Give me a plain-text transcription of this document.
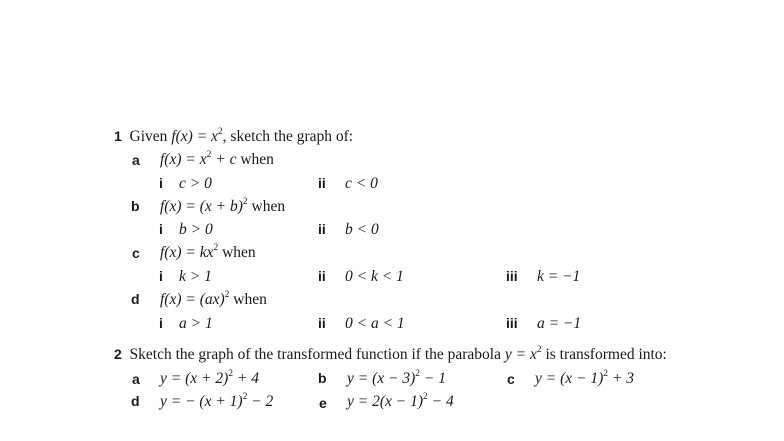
1 Given $f(x) = x^2$, sketch the graph of:
a $f(x) = x^2 + c$ when
i c > 0	ii c < 0
b $f(x) = (x + b)^2$ when
i b > 0	ii b < 0
c $f(x) = kx^2$ when
i k > 1	ii 0 < k < 1	iii k = −1
d f(x) = (ax)$^2$ when
i a > 1	ii 0 < a < 1	iii a = −1
2 Sketch the graph of the transformed function if the parabola $y = x^2$ is transformed into:
a $y = (x + 2)^2 + 4$	b $y = (x - 3)^2 - 1$	c $y = (x - 1)^2 + 3$
d y = − $(x + 1)^2 - 2$	e $y = 2(x - 1)^2 - 4$
